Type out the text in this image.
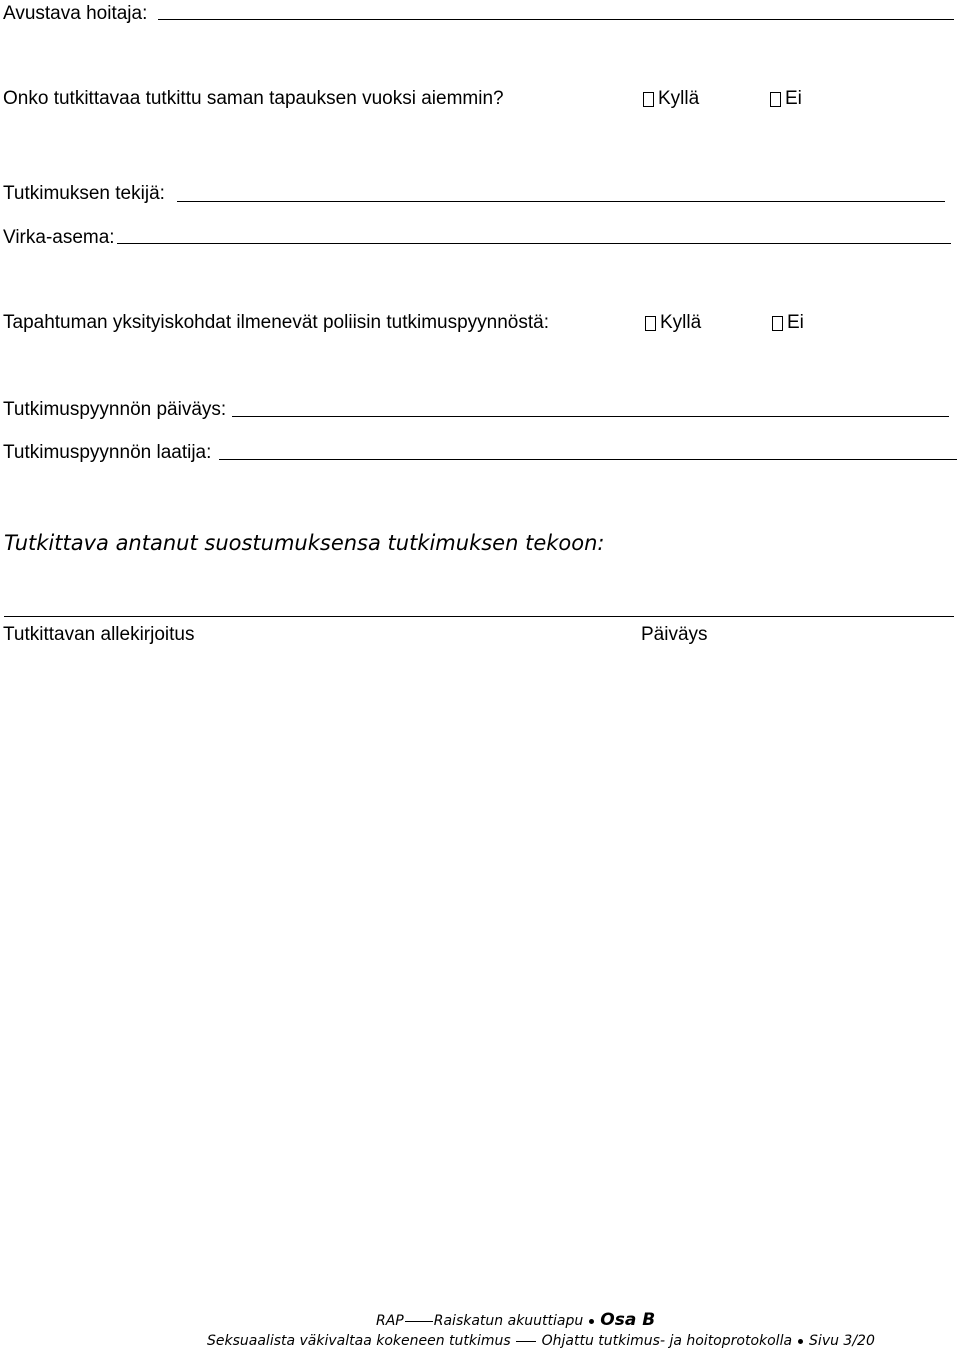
Avustava hoitaja:
Onko tutkittavaa tutkittu saman tapauksen vuoksi aiemmin?	Kyllä	Ei
Tutkimuksen tekijä:
Virka-asema:
Tapahtuman yksityiskohdat ilmenevät poliisin tutkimuspyynnöstä:	Kyllä	Ei
Tutkimuspyynnön päiväys:
Tutkimuspyynnön laatija:
Tutkittava antanut suostumuksensa tutkimuksen tekoon:
Tutkittavan allekirjoitus	Päiväys
RAP Raiskatun akuuttiapu Osa B
Seksuaalista väkivaltaa kokeneen tutkimus Ohjattu tutkimus- ja hoitoprotokolla Sivu 3/20
